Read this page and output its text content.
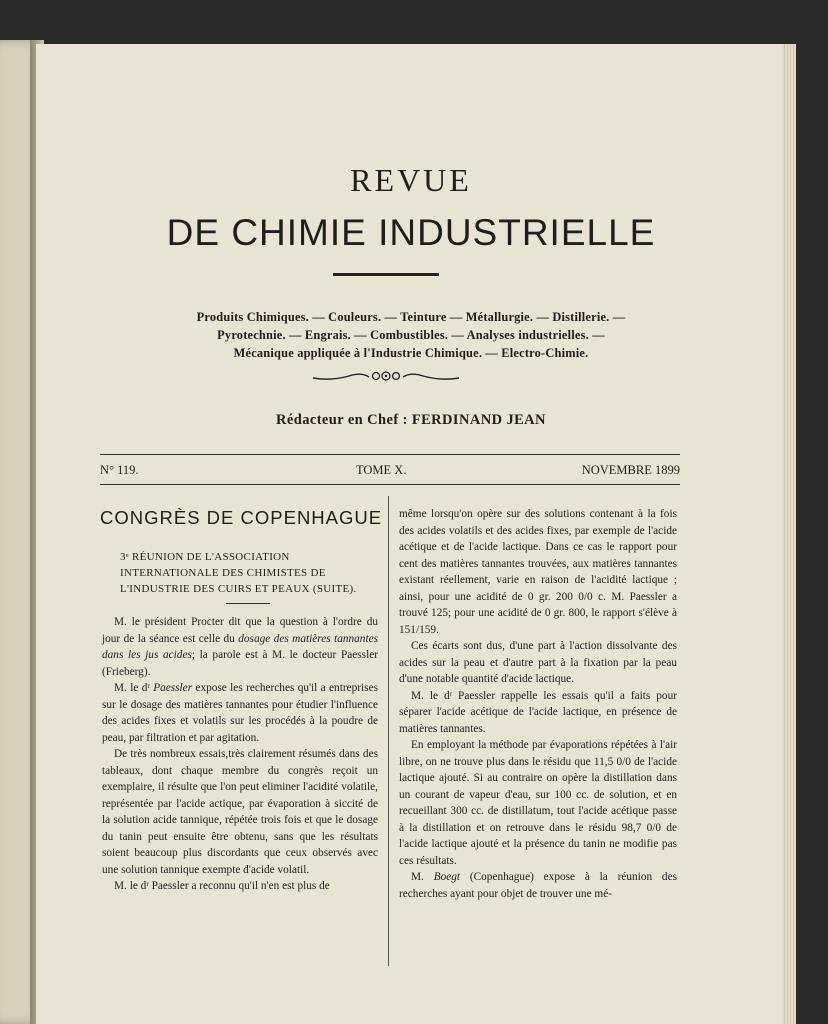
REVUE
DE CHIMIE INDUSTRIELLE
Produits Chimiques. — Couleurs. — Teinture — Métallurgie. — Distillerie. —
Pyrotechnie. — Engrais. — Combustibles. — Analyses industrielles. —
Mécanique appliquée à l'Industrie Chimique. — Electro-Chimie.
Rédacteur en Chef : FERDINAND JEAN
N° 119.	TOME X.	NOVEMBRE 1899
CONGRÈS DE COPENHAGUE
3ᵉ RÉUNION DE L'ASSOCIATION INTERNATIONALE DES CHIMISTES DE L'INDUSTRIE DES CUIRS ET PEAUX (SUITE).

M. le président Procter dit que la question à l'ordre du jour de la séance est celle du dosage des matières tannantes dans les jus acides; la parole est à M. le docteur Paessler (Frieberg).

M. le dʳ Paessler expose les recherches qu'il a entreprises sur le dosage des matières tannantes pour étudier l'influence des acides fixes et volatils sur les procédés à la poudre de peau, par filtration et par agitation.

De très nombreux essais,très clairement résumés dans des tableaux, dont chaque membre du congrès reçoit un exemplaire, il résulte que l'on peut eliminer l'acidité volatile, représentée par l'acide actique, par évaporation à siccité de la solution acide tannique, répétée trois fois et que le dosage du tanin peut ensuite être obtenu, sans que les résultats soient beaucoup plus discordants que ceux observés avec une solution tannique exempte d'acide volatil.

M. le dʳ Paessler a reconnu qu'il n'en est plus de

même lorsqu'on opère sur des solutions contenant à la fois des acides volatils et des acides fixes, par exemple de l'acide acétique et de l'acide lactique. Dans ce cas le rapport pour cent des matières tannantes trouvées, aux matières tannantes existant réellement, varie en raison de l'acidité lactique ; ainsi, pour une acidité de 0 gr. 200 0/0 c. M. Paessler a trouvé 125; pour une acidité de 0 gr. 800, le rapport s'élève à 151/159.

Ces écarts sont dus, d'une part à l'action dissolvante des acides sur la peau et d'autre part à la fixation par la peau d'une notable quantité d'acide lactique.

M. le dʳ Paessler rappelle les essais qu'il a faits pour séparer l'acide acétique de l'acide lactique, en présence de matières tannantes.

En employant la méthode par évaporations répétées à l'air libre, on ne trouve plus dans le résidu que 11,5 0/0 de l'acide lactique ajouté. Si au contraire on opère la distillation dans un courant de vapeur d'eau, sur 100 cc. de solution, et en recueillant 300 cc. de distillatum, tout l'acide acétique passe à la distillation et on retrouve dans le résidu 98,7 0/0 de l'acide lactique ajouté et la présence du tanin ne modifie pas ces résultats.

M. Boegt (Copenhague) expose à la réunion des recherches ayant pour objet de trouver une mé-
